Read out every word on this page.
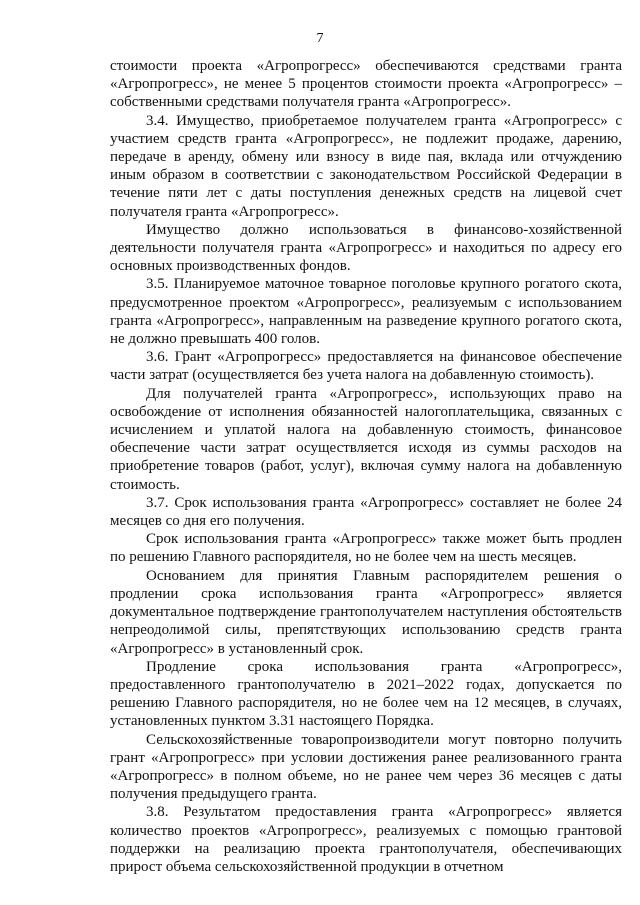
7

стоимости проекта «Агропрогресс» обеспечиваются средствами гранта «Агропрогресс», не менее 5 процентов стоимости проекта «Агропрогресс» – собственными средствами получателя гранта «Агропрогресс».

3.4. Имущество, приобретаемое получателем гранта «Агропрогресс» с участием средств гранта «Агропрогресс», не подлежит продаже, дарению, передаче в аренду, обмену или взносу в виде пая, вклада или отчуждению иным образом в соответствии с законодательством Российской Федерации в течение пяти лет с даты поступления денежных средств на лицевой счет получателя гранта «Агропрогресс».

Имущество должно использоваться в финансово-хозяйственной деятельности получателя гранта «Агропрогресс» и находиться по адресу его основных производственных фондов.

3.5. Планируемое маточное товарное поголовье крупного рогатого скота, предусмотренное проектом «Агропрогресс», реализуемым с использованием гранта «Агропрогресс», направленным на разведение крупного рогатого скота, не должно превышать 400 голов.

3.6. Грант «Агропрогресс» предоставляется на финансовое обеспечение части затрат (осуществляется без учета налога на добавленную стоимость).

Для получателей гранта «Агропрогресс», использующих право на освобождение от исполнения обязанностей налогоплательщика, связанных с исчислением и уплатой налога на добавленную стоимость, финансовое обеспечение части затрат осуществляется исходя из суммы расходов на приобретение товаров (работ, услуг), включая сумму налога на добавленную стоимость.

3.7. Срок использования гранта «Агропрогресс» составляет не более 24 месяцев со дня его получения.

Срок использования гранта «Агропрогресс» также может быть продлен по решению Главного распорядителя, но не более чем на шесть месяцев.

Основанием для принятия Главным распорядителем решения о продлении срока использования гранта «Агропрогресс» является документальное подтверждение грантополучателем наступления обстоятельств непреодолимой силы, препятствующих использованию средств гранта «Агропрогресс» в установленный срок.

Продление срока использования гранта «Агропрогресс», предоставленного грантополучателю в 2021–2022 годах, допускается по решению Главного распорядителя, но не более чем на 12 месяцев, в случаях, установленных пунктом 3.31 настоящего Порядка.

Сельскохозяйственные товаропроизводители могут повторно получить грант «Агропрогресс» при условии достижения ранее реализованного гранта «Агропрогресс» в полном объеме, но не ранее чем через 36 месяцев с даты получения предыдущего гранта.

3.8. Результатом предоставления гранта «Агропрогресс» является количество проектов «Агропрогресс», реализуемых с помощью грантовой поддержки на реализацию проекта грантополучателя, обеспечивающих прирост объема сельскохозяйственной продукции в отчетном
